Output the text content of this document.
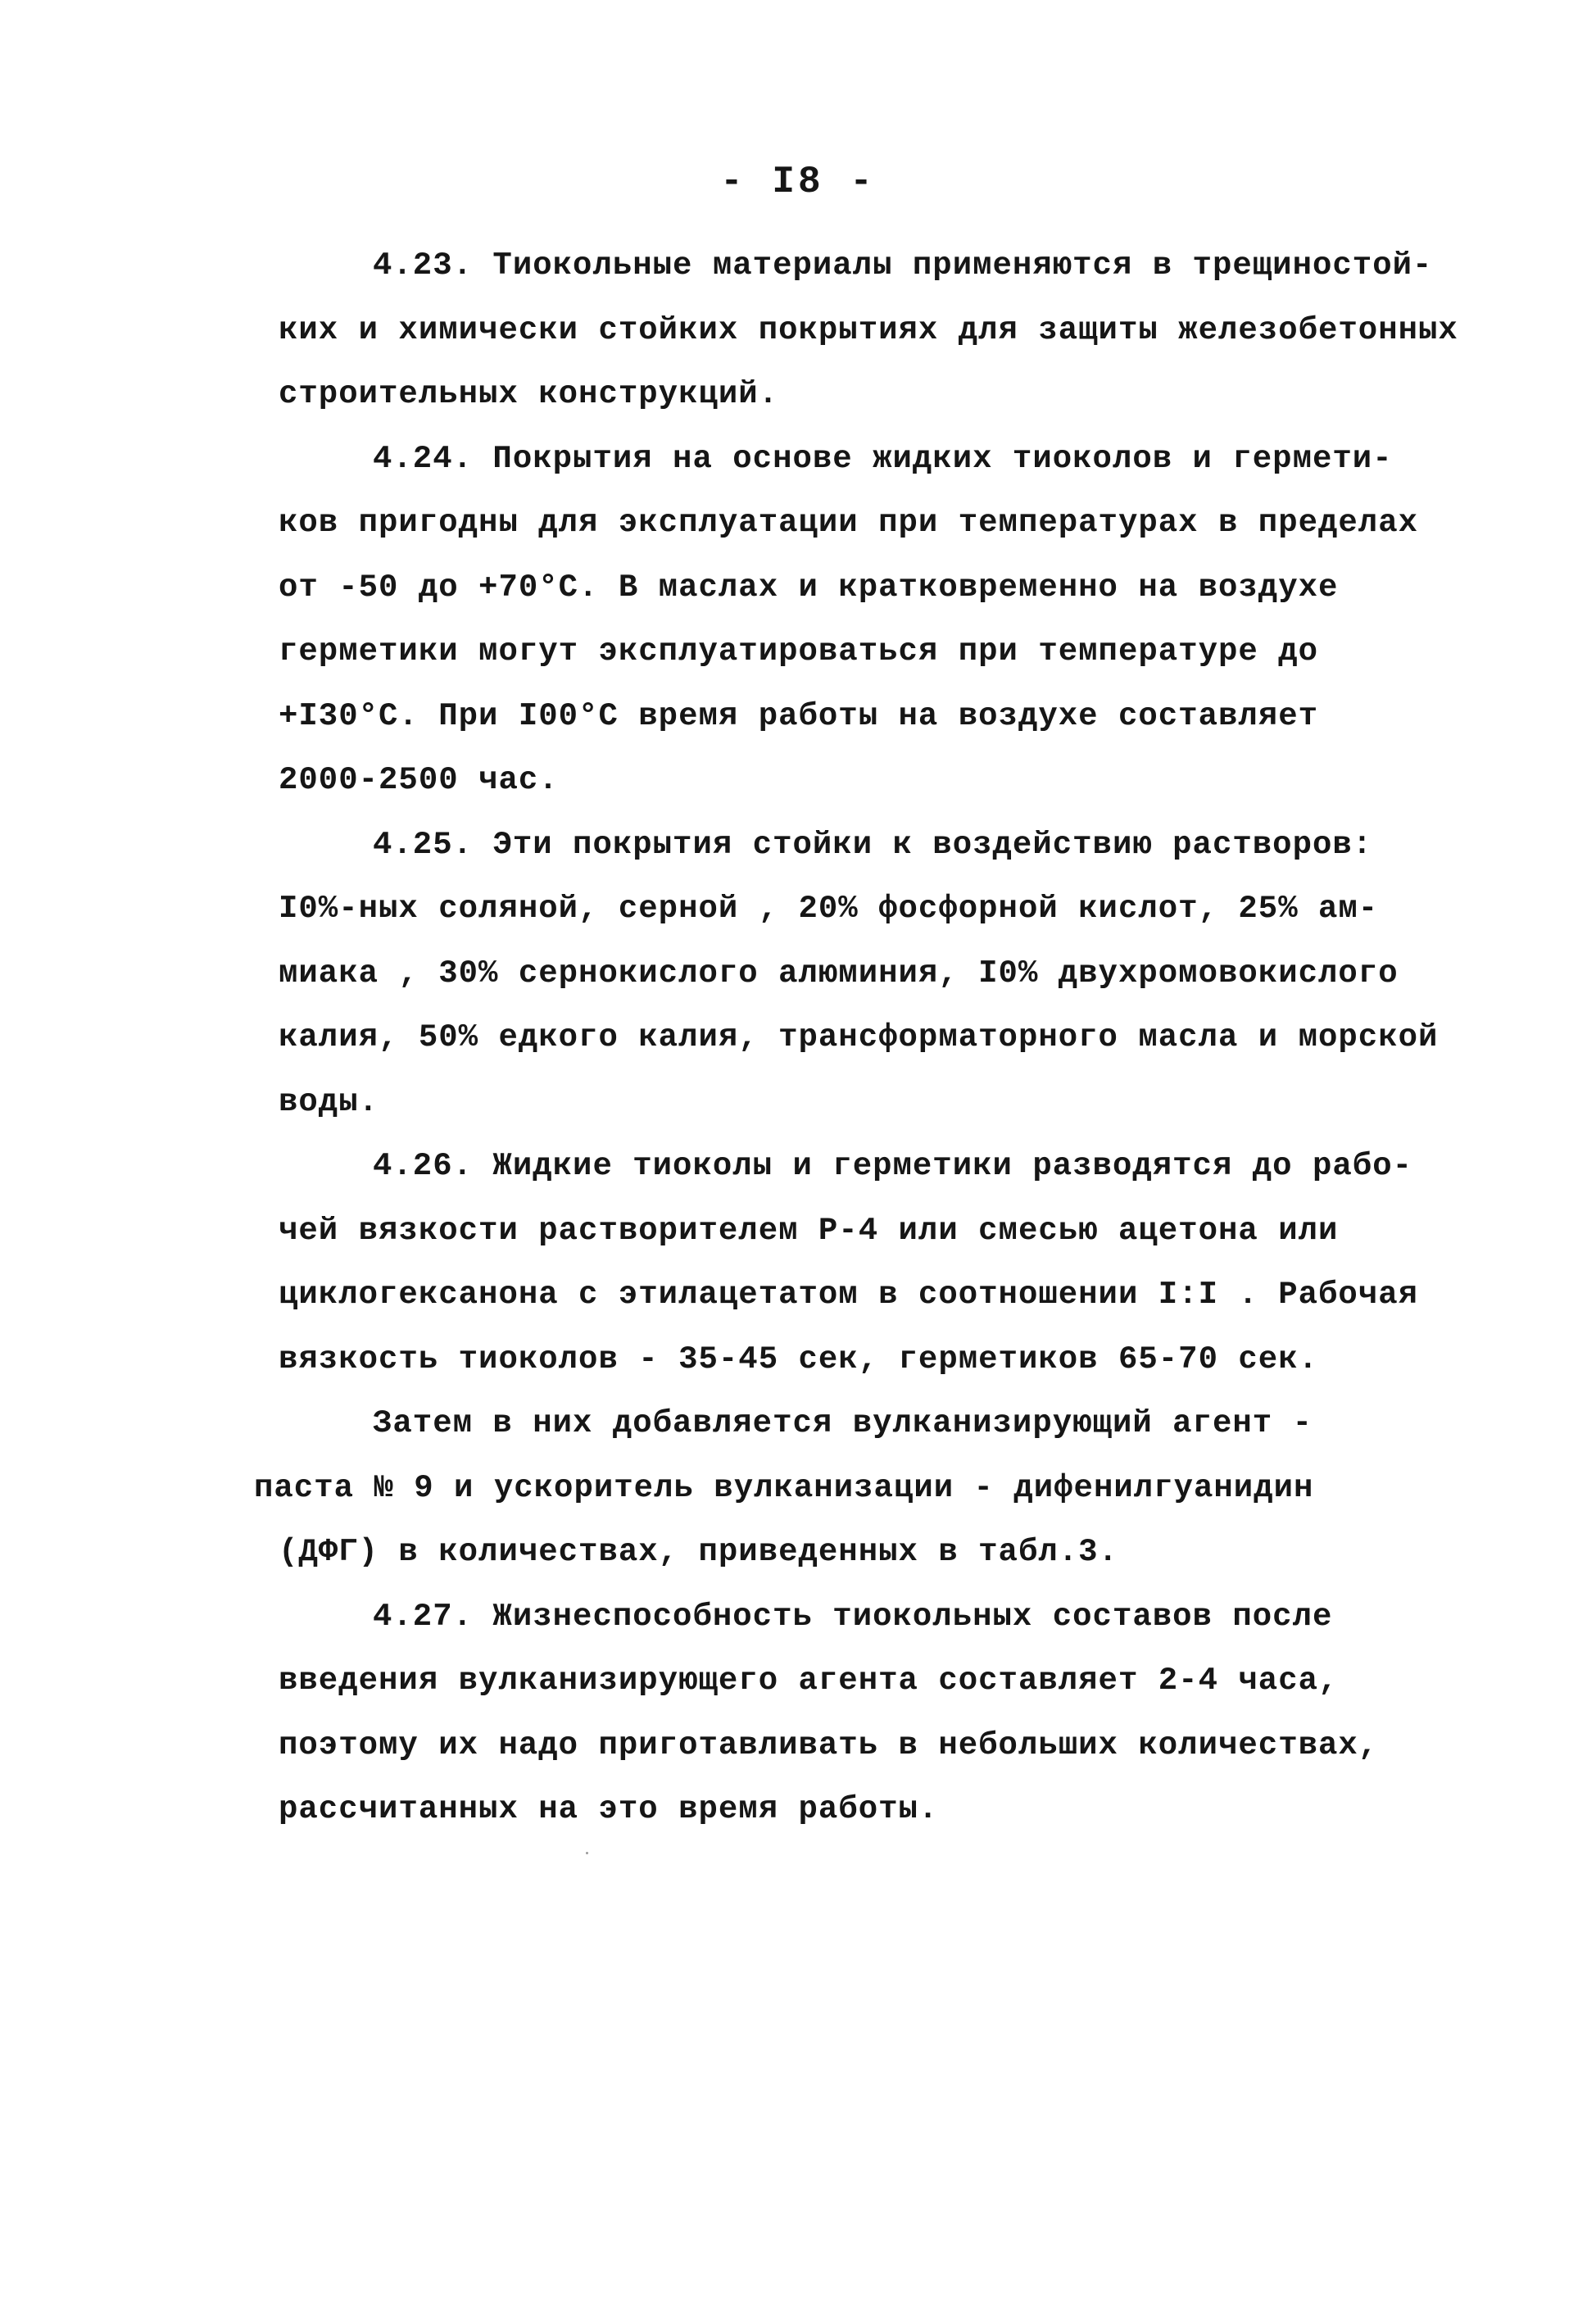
- I8 -
4.23. Тиокольные материалы применяются в трещиностой-
ких и химически стойких покрытиях для защиты железобетонных
строительных конструкций.
4.24. Покрытия на основе жидких тиоколов и гермети-
ков пригодны для эксплуатации при температурах в пределах
от -50 до +70°С. В маслах и кратковременно на воздухе
герметики могут эксплуатироваться при температуре до
+I30°С. При I00°С время работы на воздухе составляет
2000-2500 час.
4.25. Эти покрытия стойки к воздействию растворов:
I0%-ных соляной, серной , 20% фосфорной кислот, 25% ам-
миака , 30% сернокислого алюминия, I0% двухромовокислого
калия, 50% едкого калия, трансформаторного масла и морской
воды.
4.26. Жидкие тиоколы и герметики разводятся до рабо-
чей вязкости растворителем Р-4 или смесью ацетона или
циклогексанона с этилацетатом в соотношении I:I . Рабочая
вязкость тиоколов - 35-45 сек, герметиков 65-70 сек.
Затем в них добавляется вулканизирующий агент -
паста № 9 и ускоритель вулканизации - дифенилгуанидин
(ДФГ) в количествах, приведенных в табл.3.
4.27. Жизнеспособность тиокольных составов после
введения вулканизирующего агента составляет 2-4 часа,
поэтому их надо приготавливать в небольших количествах,
рассчитанных на это время работы.
